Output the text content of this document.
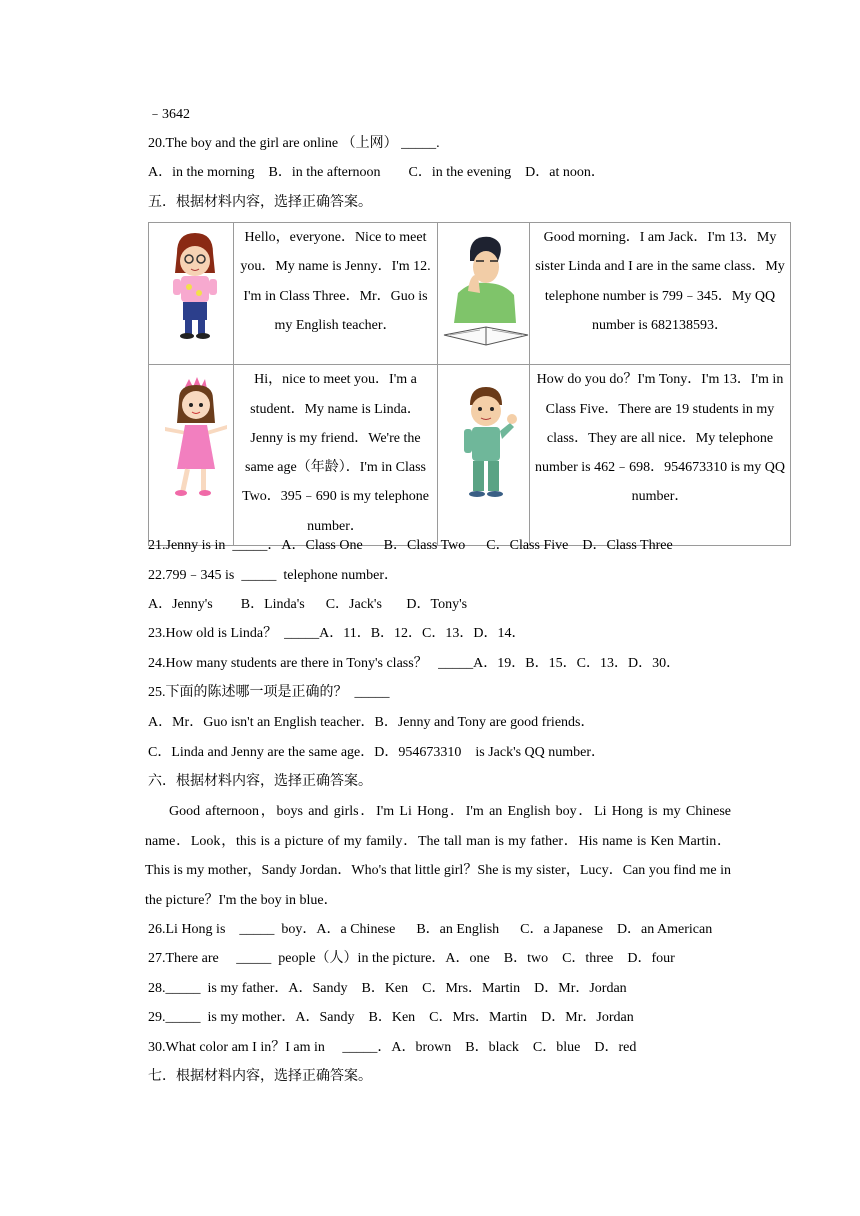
﹣3642
20.The boy and the girl are online （上网） _____.
A．in the morning    B．in the afternoon        C．in the evening    D．at noon．
五．根据材料内容，选择正确答案。
	Hello，everyone．Nice to meet you．My name is Jenny．I'm 12. I'm in Class Three．Mr．Guo is my English teacher．		Good morning．I am Jack．I'm 13．My sister Linda and I are in the same class．My telephone number is 799﹣345．My QQ number is 682138593．
	Hi，nice to meet you．I'm a student．My name is Linda．Jenny is my friend．We're the same age（年龄）．I'm in Class Two．395﹣690 is my telephone number．		How do you do？I'm Tony．I'm 13．I'm in Class Five．There are 19 students in my class．They are all nice．My telephone number is 462﹣698．954673310 is my QQ number．
21.Jenny is in  _____．A．Class One      B．Class Two      C．Class Five    D．Class Three
22.799﹣345 is  _____  telephone number．
A．Jenny's        B．Linda's      C．Jack's       D．Tony's
23.How old is Linda？  _____A．11．B．12．C．13．D．14．
24.How many students are there in Tony's class？   _____A．19．B．15．C．13．D．30．
25.下面的陈述哪一项是正确的？  _____
A．Mr．Guo isn't an English teacher．B．Jenny and Tony are good friends．
C．Linda and Jenny are the same age．D．954673310    is Jack's QQ number．
六．根据材料内容，选择正确答案。

Good afternoon，boys and girls．I'm Li Hong．I'm an English boy．Li Hong is my Chinese name．Look，this is a picture of my family．The tall man is my father．His name is Ken Martin．This is my mother，Sandy Jordan．Who's that little girl？She is my sister，Lucy．Can you find me in the picture？I'm the boy in blue．

26.Li Hong is    _____  boy．A．a Chinese      B．an English      C．a Japanese    D．an American
27.There are     _____  people（人）in the picture．A．one    B．two    C．three    D．four
28._____  is my father．A．Sandy    B．Ken    C．Mrs．Martin    D．Mr．Jordan
29._____  is my mother．A．Sandy    B．Ken    C．Mrs．Martin    D．Mr．Jordan
30.What color am I in？I am in     _____．A．brown    B．black    C．blue    D．red
七．根据材料内容，选择正确答案。
